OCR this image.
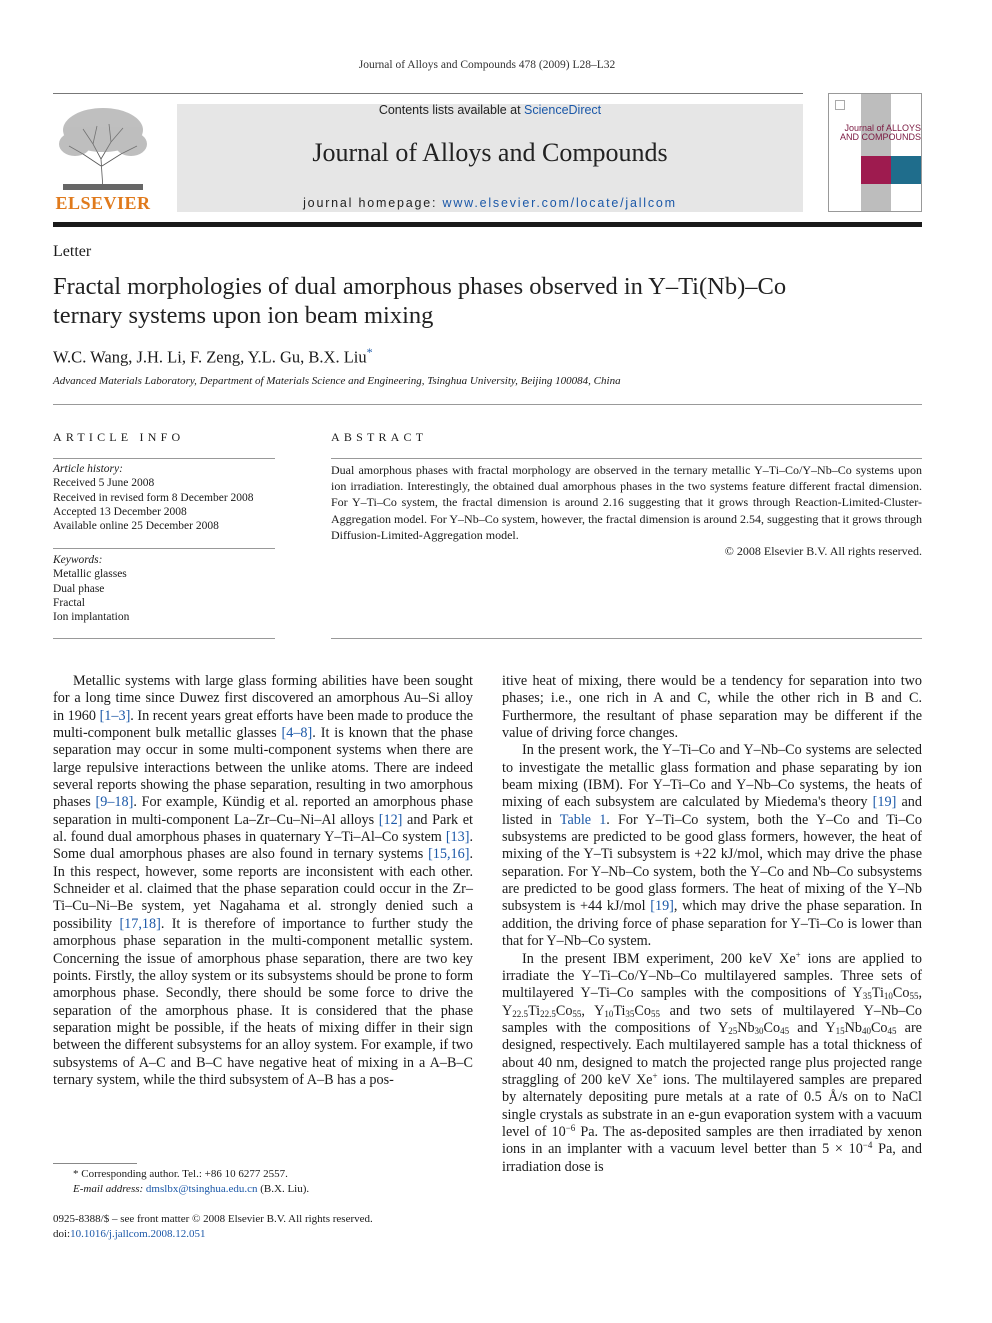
Journal of Alloys and Compounds 478 (2009) L28–L32
ELSEVIER
Contents lists available at ScienceDirect
Journal of Alloys and Compounds
journal homepage: www.elsevier.com/locate/jallcom
Journal of ALLOYS AND COMPOUNDS
Letter
Fractal morphologies of dual amorphous phases observed in Y–Ti(Nb)–Co ternary systems upon ion beam mixing
W.C. Wang, J.H. Li, F. Zeng, Y.L. Gu, B.X. Liu*
Advanced Materials Laboratory, Department of Materials Science and Engineering, Tsinghua University, Beijing 100084, China
ARTICLE INFO
Article history:
Received 5 June 2008
Received in revised form 8 December 2008
Accepted 13 December 2008
Available online 25 December 2008
Keywords:
Metallic glasses
Dual phase
Fractal
Ion implantation
ABSTRACT
Dual amorphous phases with fractal morphology are observed in the ternary metallic Y–Ti–Co/Y–Nb–Co systems upon ion irradiation. Interestingly, the obtained dual amorphous phases in the two systems feature different fractal dimension. For Y–Ti–Co system, the fractal dimension is around 2.16 suggesting that it grows through Reaction-Limited-Cluster-Aggregation model. For Y–Nb–Co system, however, the fractal dimension is around 2.54, suggesting that it grows through Diffusion-Limited-Aggregation model.
© 2008 Elsevier B.V. All rights reserved.

Metallic systems with large glass forming abilities have been sought for a long time since Duwez first discovered an amorphous Au–Si alloy in 1960 [1–3]. In recent years great efforts have been made to produce the multi-component bulk metallic glasses [4–8]. It is known that the phase separation may occur in some multi-component systems when there are large repulsive interactions between the unlike atoms. There are indeed several reports showing the phase separation, resulting in two amorphous phases [9–18]. For example, Kündig et al. reported an amorphous phase separation in multi-component La–Zr–Cu–Ni–Al alloys [12] and Park et al. found dual amorphous phases in quaternary Y–Ti–Al–Co system [13]. Some dual amorphous phases are also found in ternary systems [15,16]. In this respect, however, some reports are inconsistent with each other. Schneider et al. claimed that the phase separation could occur in the Zr–Ti–Cu–Ni–Be system, yet Nagahama et al. strongly denied such a possibility [17,18]. It is therefore of importance to further study the amorphous phase separation in the multi-component metallic system. Concerning the issue of amorphous phase separation, there are two key points. Firstly, the alloy system or its subsystems should be prone to form amorphous phase. Secondly, there should be some force to drive the separation of the amorphous phase. It is considered that the phase separation might be possible, if the heats of mixing differ in their sign between the different subsystems for an alloy system. For example, if two subsystems of A–C and B–C have negative heat of mixing in a A–B–C ternary system, while the third subsystem of A–B has a pos-

itive heat of mixing, there would be a tendency for separation into two phases; i.e., one rich in A and C, while the other rich in B and C. Furthermore, the resultant of phase separation may be different if the value of driving force changes.

In the present work, the Y–Ti–Co and Y–Nb–Co systems are selected to investigate the metallic glass formation and phase separating by ion beam mixing (IBM). For Y–Ti–Co and Y–Nb–Co systems, the heats of mixing of each subsystem are calculated by Miedema's theory [19] and listed in Table 1. For Y–Ti–Co system, both the Y–Co and Ti–Co subsystems are predicted to be good glass formers, however, the heat of mixing of the Y–Ti subsystem is +22 kJ/mol, which may drive the phase separation. For Y–Nb–Co system, both the Y–Co and Nb–Co subsystems are predicted to be good glass formers. The heat of mixing of the Y–Nb subsystem is +44 kJ/mol [19], which may drive the phase separation. In addition, the driving force of phase separation for Y–Ti–Co is lower than that for Y–Nb–Co system.

In the present IBM experiment, 200 keV Xe+ ions are applied to irradiate the Y–Ti–Co/Y–Nb–Co multilayered samples. Three sets of multilayered Y–Ti–Co samples with the compositions of $Y_{35}Ti_{10}Co_{55}$, $Y_{22.5}Ti_{22.5}Co_{55}$, $Y_{10}Ti_{35}Co_{55}$ and two sets of multilayered Y–Nb–Co samples with the compositions of $Y_{25}Nb_{30}Co_{45}$ and $Y_{15}Nb_{40}Co_{45}$ are designed, respectively. Each multilayered sample has a total thickness of about 40 nm, designed to match the projected range plus projected range straggling of 200 keV Xe+ ions. The multilayered samples are prepared by alternately depositing pure metals at a rate of 0.5 Å/s on to NaCl single crystals as substrate in an e-gun evaporation system with a vacuum level of $10^{-6}$ Pa. The as-deposited samples are then irradiated by xenon ions in an implanter with a vacuum level better than $5 \times 10^{-4}$ Pa, and irradiation dose is

* Corresponding author. Tel.: +86 10 6277 2557.
E-mail address: dmslbx@tsinghua.edu.cn (B.X. Liu).
0925-8388/$ – see front matter © 2008 Elsevier B.V. All rights reserved.
doi:10.1016/j.jallcom.2008.12.051
